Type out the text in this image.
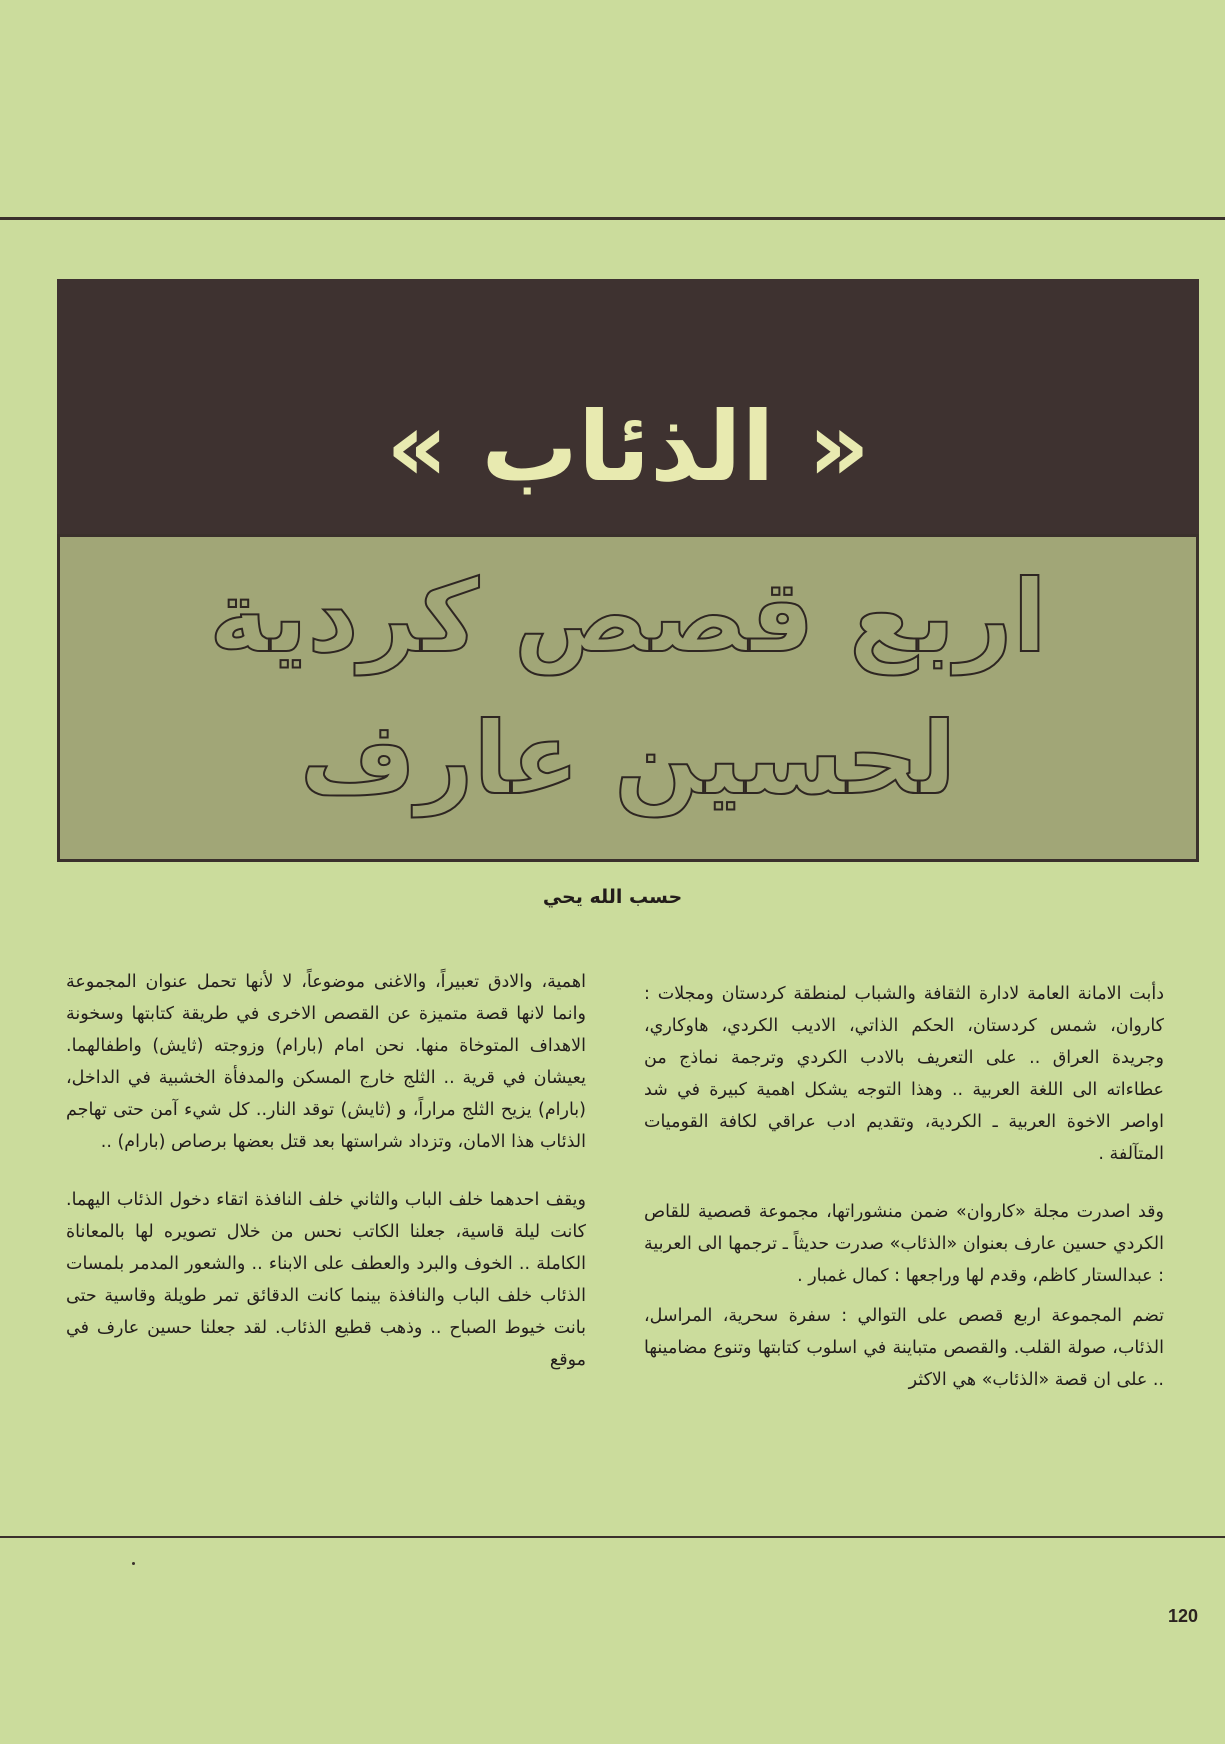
« الذئاب »
اربع قصص كردية
لحسين عارف
حسب الله يحي

دأبت الامانة العامة لادارة الثقافة والشباب لمنطقة كردستان ومجلات : كاروان، شمس كردستان، الحكم الذاتي، الاديب الكردي، هاوكاري، وجريدة العراق .. على التعريف بالادب الكردي وترجمة نماذج من عطاءاته الى اللغة العربية .. وهذا التوجه يشكل اهمية كبيرة في شد اواصر الاخوة العربية ـ الكردية، وتقديم ادب عراقي لكافة القوميات المتآلفة .

وقد اصدرت مجلة «كاروان» ضمن منشوراتها، مجموعة قصصية للقاص الكردي حسين عارف بعنوان «الذئاب» صدرت حديثاً ـ ترجمها الى العربية : عبدالستار كاظم، وقدم لها وراجعها : كمال غمبار .

تضم المجموعة اربع قصص على التوالي : سفرة سحرية، المراسل، الذئاب، صولة القلب. والقصص متباينة في اسلوب كتابتها وتنوع مضامينها .. على ان قصة «الذئاب» هي الاكثر

اهمية، والادق تعبيراً، والاغنى موضوعاً، لا لأنها تحمل عنوان المجموعة وانما لانها قصة متميزة عن القصص الاخرى في طريقة كتابتها وسخونة الاهداف المتوخاة منها. نحن امام (بارام) وزوجته (ثايش) واطفالهما. يعيشان في قرية .. الثلج خارج المسكن والمدفأة الخشبية في الداخل، (بارام) يزيح الثلج مراراً، و (ثايش) توقد النار.. كل شيء آمن حتى تهاجم الذئاب هذا الامان، وتزداد شراستها بعد قتل بعضها برصاص (بارام) ..

ويقف احدهما خلف الباب والثاني خلف النافذة اتقاء دخول الذئاب اليهما. كانت ليلة قاسية، جعلنا الكاتب نحس من خلال تصويره لها بالمعاناة الكاملة .. الخوف والبرد والعطف على الابناء .. والشعور المدمر بلمسات الذئاب خلف الباب والنافذة بينما كانت الدقائق تمر طويلة وقاسية حتى بانت خيوط الصباح .. وذهب قطيع الذئاب. لقد جعلنا حسين عارف في موقع

120
